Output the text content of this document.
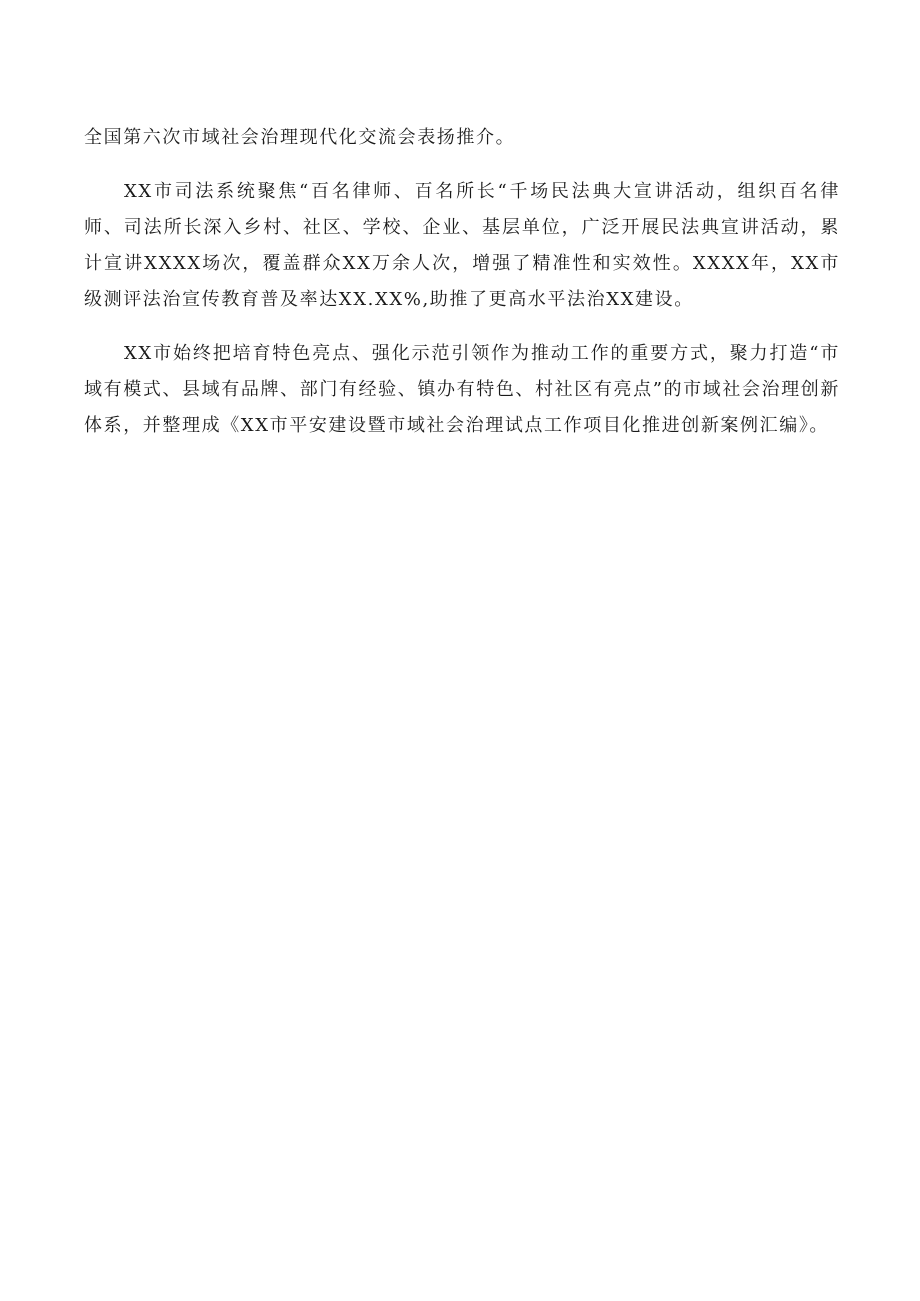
全国第六次市域社会治理现代化交流会表扬推介。

XX市司法系统聚焦“百名律师、百名所长“千场民法典大宣讲活动，组织百名律师、司法所长深入乡村、社区、学校、企业、基层单位，广泛开展民法典宣讲活动，累计宣讲XXXX场次，覆盖群众XX万余人次，增强了精准性和实效性。XXXX年，XX市级测评法治宣传教育普及率达XX.XX%,助推了更高水平法治XX建设。

XX市始终把培育特色亮点、强化示范引领作为推动工作的重要方式，聚力打造“市域有模式、县域有品牌、部门有经验、镇办有特色、村社区有亮点”的市域社会治理创新体系，并整理成《XX市平安建设暨市域社会治理试点工作项目化推进创新案例汇编》。
